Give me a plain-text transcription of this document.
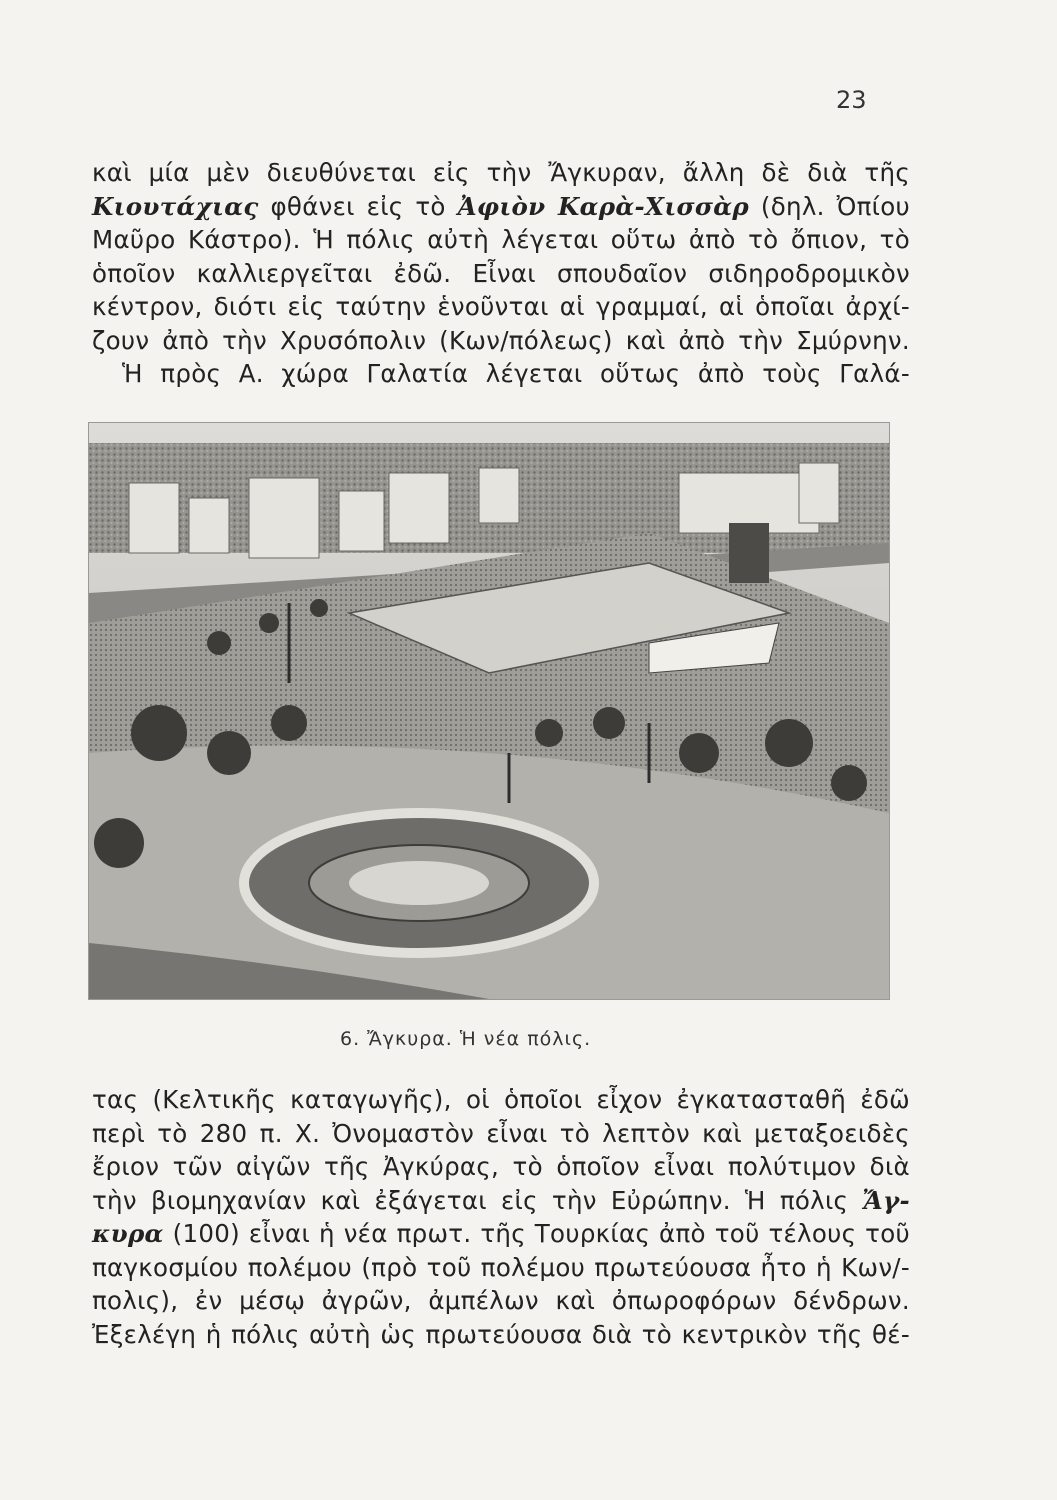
23
καὶ μία μὲν διευθύνεται εἰς τὴν Ἄγκυραν, ἄλλη δὲ διὰ τῆς
Κιουτάχιας φθάνει εἰς τὸ Ἀφιὸν Καρὰ-Χισσὰρ (δηλ. Ὀπίου
Μαῦρο Κάστρο). Ἡ πόλις αὐτὴ λέγεται οὕτω ἀπὸ τὸ ὄπιον, τὸ
ὁποῖον καλλιεργεῖται ἐδῶ. Εἶναι σπουδαῖον σιδηροδρομικὸν
κέντρον, διότι εἰς ταύτην ἑνοῦνται αἱ γραμμαί, αἱ ὁποῖαι ἀρχί-
ζουν ἀπὸ τὴν Χρυσόπολιν (Κων/πόλεως) καὶ ἀπὸ τὴν Σμύρνην.
Ἡ πρὸς Α. χώρα Γαλατία λέγεται οὕτως ἀπὸ τοὺς Γαλά-
6. Ἄγκυρα. Ἡ νέα πόλις.
τας (Κελτικῆς καταγωγῆς), οἱ ὁποῖοι εἶχον ἐγκατασταθῆ ἐδῶ
περὶ τὸ 280 π. Χ. Ὀνομαστὸν εἶναι τὸ λεπτὸν καὶ μεταξοειδὲς
ἔριον τῶν αἰγῶν τῆς Ἀγκύρας, τὸ ὁποῖον εἶναι πολύτιμον διὰ
τὴν βιομηχανίαν καὶ ἐξάγεται εἰς τὴν Εὐρώπην. Ἡ πόλις Ἄγ-
κυρα (100) εἶναι ἡ νέα πρωτ. τῆς Τουρκίας ἀπὸ τοῦ τέλους τοῦ
παγκοσμίου πολέμου (πρὸ τοῦ πολέμου πρωτεύουσα ἦτο ἡ Κων/-
πολις), ἐν μέσῳ ἀγρῶν, ἀμπέλων καὶ ὀπωροφόρων δένδρων.
Ἐξελέγη ἡ πόλις αὐτὴ ὡς πρωτεύουσα διὰ τὸ κεντρικὸν τῆς θέ-
